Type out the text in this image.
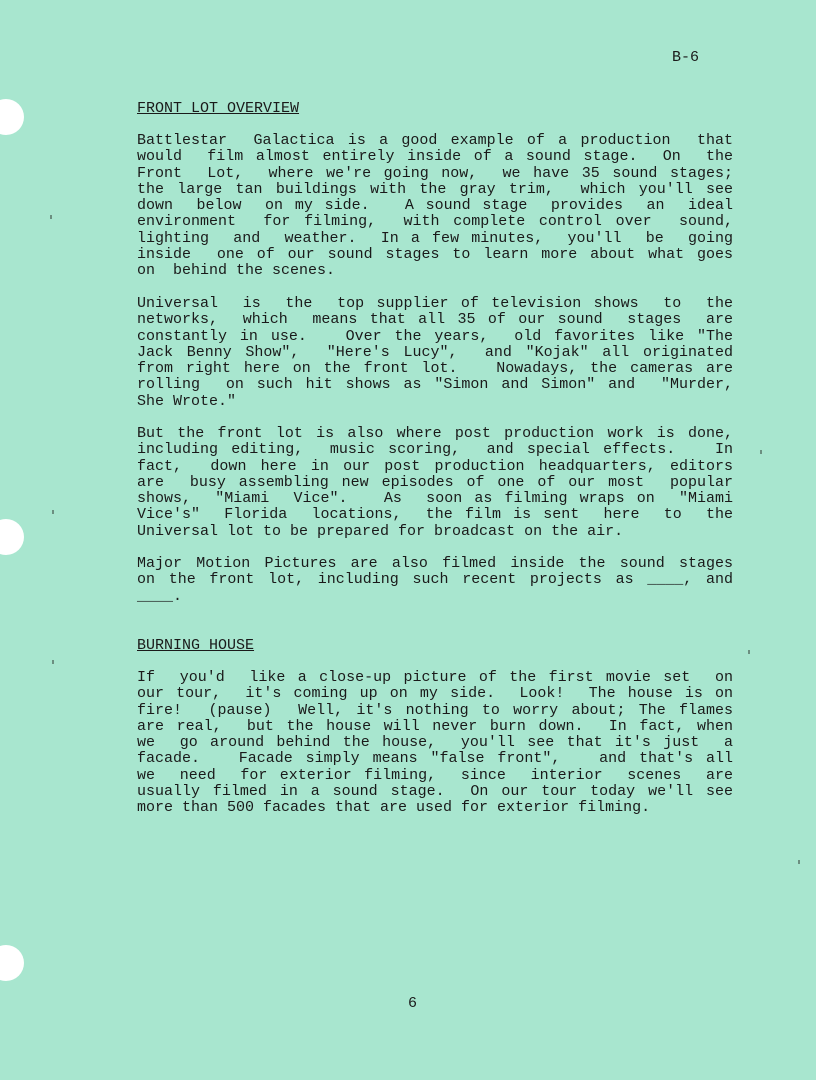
B-6
FRONT LOT OVERVIEW
Battlestar  Galactica is a good example of a production  that
would  film almost entirely inside of a sound stage.  On  the
Front  Lot,  where we're going now,  we have 35 sound stages;
the large tan buildings with the gray trim,  which you'll see
down  below  on my side.   A sound stage  provides  an  ideal
environment  for filming,  with complete control over  sound,
lighting  and  weather.  In a few minutes,  you'll  be  going
inside  one of our sound stages to learn more about what goes
on  behind the scenes.
Universal  is  the  top supplier of television shows  to  the
networks,  which  means that all 35 of our sound  stages  are
constantly in use.   Over the years,  old favorites like "The
Jack Benny Show",  "Here's Lucy",  and "Kojak" all originated
from right here on the front lot.   Nowadays, the cameras are
rolling  on such hit shows as "Simon and Simon" and  "Murder,
She Wrote."
But the front lot is also where post production work is done,
including editing,  music scoring,  and special effects.   In
fact,  down here in our post production headquarters, editors
are  busy assembling new episodes of one of our most  popular
shows,  "Miami  Vice".   As  soon as filming wraps on  "Miami
Vice's"  Florida  locations,  the film is sent  here  to  the
Universal lot to be prepared for broadcast on the air.
Major Motion Pictures are also filmed inside the sound stages
on the front lot, including such recent projects as ____, and
____.
BURNING HOUSE
If  you'd  like a close-up picture of the first movie set  on
our tour,  it's coming up on my side.  Look!  The house is on
fire!  (pause)  Well, it's nothing to worry about; The flames
are real,  but the house will never burn down.  In fact, when
we  go around behind the house,  you'll see that it's just  a
facade.   Facade simply means "false front",   and that's all
we  need  for exterior filming,  since  interior  scenes  are
usually filmed in a sound stage.  On our tour today we'll see
more than 500 facades that are used for exterior filming.
6
